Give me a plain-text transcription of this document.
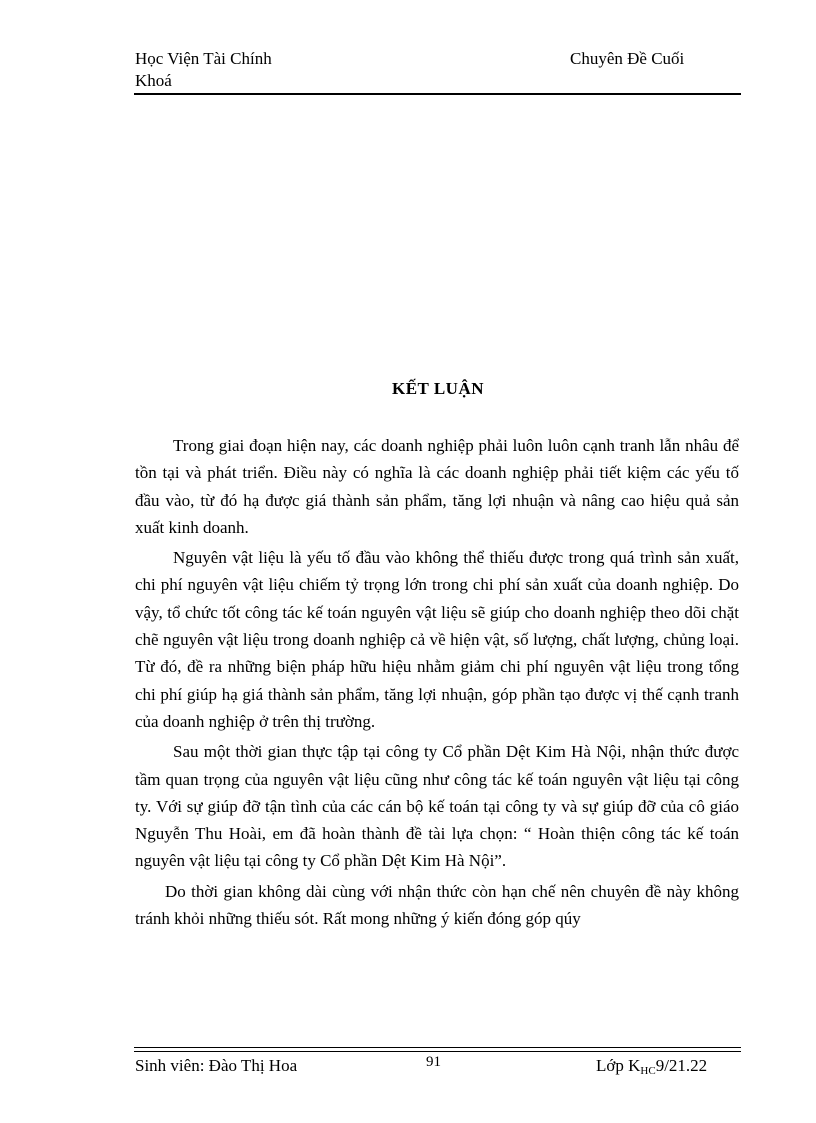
Học Viện Tài Chính
Khoá
Chuyên Đề Cuối
KẾT LUẬN

Trong giai đoạn hiện nay, các doanh nghiệp phải luôn luôn cạnh tranh lẫn nhâu để tồn tại và phát triển. Điều này có nghĩa là các doanh nghiệp phải tiết kiệm các yếu tố đầu vào, từ đó hạ được giá thành sản phẩm, tăng lợi nhuận và nâng cao hiệu quả sản xuất kinh doanh.

Nguyên vật liệu là yếu tố đầu vào không thể thiếu được trong quá trình sản xuất, chi phí nguyên vật liệu chiếm tỷ trọng lớn trong chi phí sản xuất của doanh nghiệp. Do vậy, tổ chức tốt công tác kế toán nguyên vật liệu sẽ giúp cho doanh nghiệp theo dõi chặt chẽ nguyên vật liệu trong doanh nghiệp cả về hiện vật, số lượng, chất lượng, chủng loại. Từ đó, đề ra những biện pháp hữu hiệu nhằm giảm chi phí nguyên vật liệu trong tổng chi phí giúp hạ giá thành sản phẩm, tăng lợi nhuận, góp phần tạo được vị thế cạnh tranh của doanh nghiệp ở trên thị trường.

Sau một thời gian thực tập tại công ty Cổ phần Dệt Kim Hà Nội, nhận thức được tầm quan trọng của nguyên vật liệu cũng như công tác kế toán nguyên vật liệu tại công ty. Với sự giúp đỡ tận tình của các cán bộ kế toán tại công ty và sự giúp đỡ của cô giáo Nguyễn Thu Hoài, em đã hoàn thành đề tài lựa chọn: “ Hoàn thiện công tác kế toán nguyên vật liệu tại công ty Cổ phần Dệt Kim Hà Nội”.

Do thời gian không dài cùng với nhận thức còn hạn chế nên chuyên đề này không tránh khỏi những thiếu sót. Rất mong những ý kiến đóng góp qúy

Sinh viên: Đào Thị Hoa	91	Lớp $K_{HC}9/21.22$
